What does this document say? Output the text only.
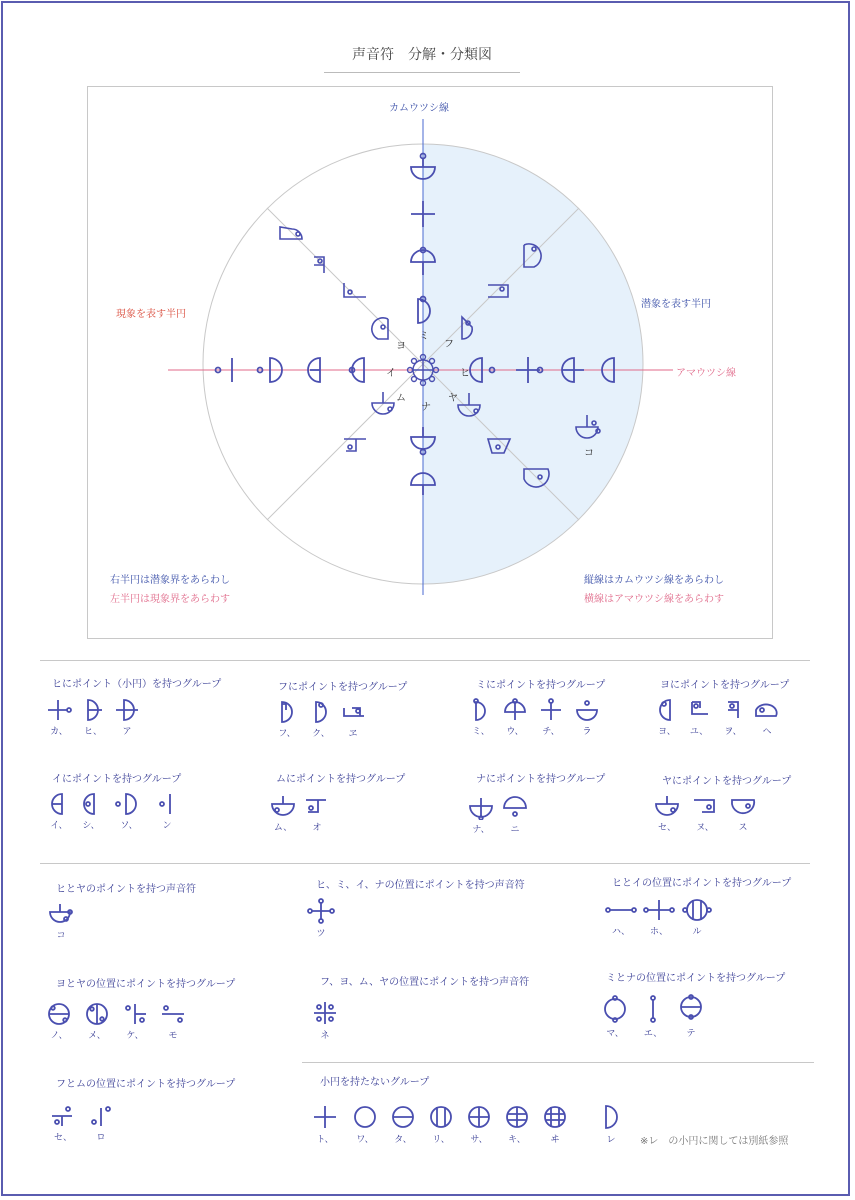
声音符　分解・分類図
カムウツシ線
アマウツシ線
現象を表す半円
潜象を表す半円
右半円は潜象界をあらわし
左半円は現象界をあらわす
縦線はカムウツシ線をあらわし
横線はアマウツシ線をあらわす
ミ
フ
ヒ
ヤ
ナ
ム
イ
ヨ
コ
ヒにポイント（小円）を持つグループ
カ、	ヒ、	ア
フにポイントを持つグループ
フ、	ク、	ヱ
ミにポイントを持つグループ
ミ、	ウ、	チ、	ラ
ヨにポイントを持つグループ
ヨ、	ユ、	ヲ、	ヘ
イにポイントを持つグループ
イ、	シ、	ソ、	ン
ムにポイントを持つグループ
ム、	オ
ナにポイントを持つグループ
ナ、	ニ
ヤにポイントを持つグループ
セ、	ヌ、	ス
ヒとヤのポイントを持つ声音符
コ
ヒ、ミ、イ、ナの位置にポイントを持つ声音符
ツ
ヒとイの位置にポイントを持つグループ
ハ、	ホ、	ル
ヨとヤの位置にポイントを持つグループ
ノ、	メ、	ケ、	モ
フ、ヨ、ム、ヤの位置にポイントを持つ声音符
ネ
ミとナの位置にポイントを持つグループ
マ、	エ、	テ
フとムの位置にポイントを持つグループ
セ、	ロ
小円を持たないグループ
ト、	ワ、	タ、	リ、	サ、	キ、	ヰ	レ	※レ　の小円に関しては別紙参照
